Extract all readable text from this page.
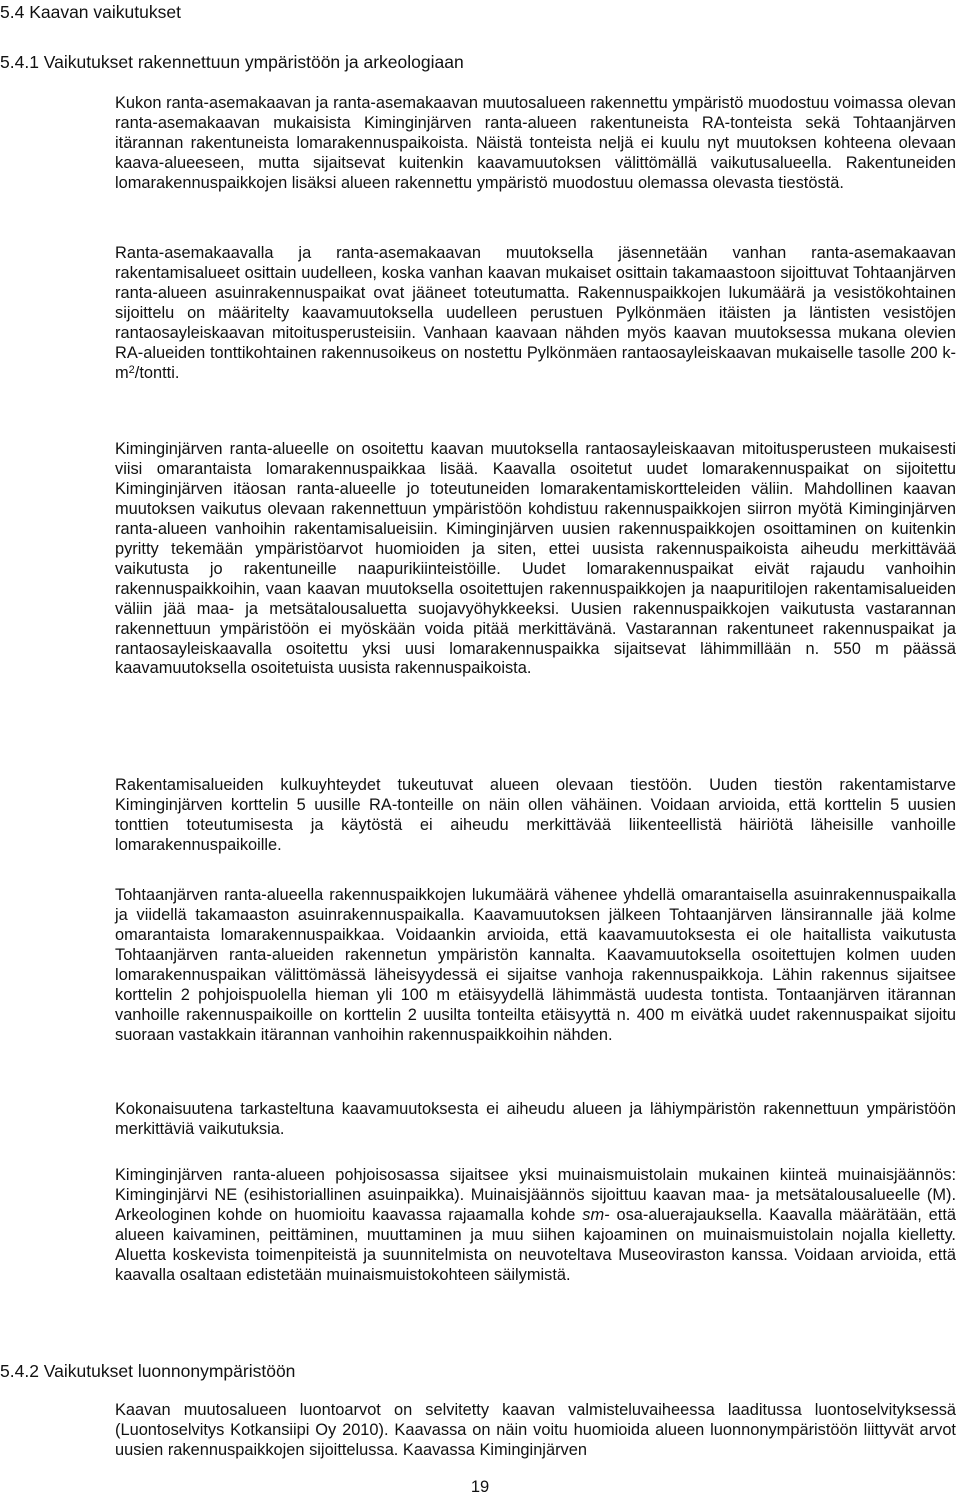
5.4 Kaavan vaikutukset
5.4.1 Vaikutukset rakennettuun ympäristöön ja arkeologiaan

Kukon ranta-asemakaavan ja ranta-asemakaavan muutosalueen rakennettu ympäristö muodostuu voimassa olevan ranta-asemakaavan mukaisista Kiminginjärven ranta-alueen rakentuneista RA-tonteista sekä Tohtaanjärven itärannan rakentuneista lomarakennuspaikoista. Näistä tonteista neljä ei kuulu nyt muutoksen kohteena olevaan kaava-alueeseen, mutta sijaitsevat kuitenkin kaavamuutoksen välittömällä vaikutusalueella. Rakentuneiden lomarakennuspaikkojen lisäksi alueen rakennettu ympäristö muodostuu olemassa olevasta tiestöstä.

Ranta-asemakaavalla ja ranta-asemakaavan muutoksella jäsennetään vanhan ranta-asemakaavan rakentamisalueet osittain uudelleen, koska vanhan kaavan mukaiset osittain takamaastoon sijoittuvat Tohtaanjärven ranta-alueen asuinrakennuspaikat ovat jääneet toteutumatta. Rakennuspaikkojen lukumäärä ja vesistökohtainen sijoittelu on määritelty kaavamuutoksella uudelleen perustuen Pylkönmäen itäisten ja läntisten vesistöjen rantaosayleiskaavan mitoitusperusteisiin. Vanhaan kaavaan nähden myös kaavan muutoksessa mukana olevien RA-alueiden tonttikohtainen rakennusoikeus on nostettu Pylkönmäen rantaosayleiskaavan mukaiselle tasolle 200 $k-m^2$/tontti.

Kiminginjärven ranta-alueelle on osoitettu kaavan muutoksella rantaosayleiskaavan mitoitusperusteen mukaisesti viisi omarantaista lomarakennuspaikkaa lisää. Kaavalla osoitetut uudet lomarakennuspaikat on sijoitettu Kiminginjärven itäosan ranta-alueelle jo toteutuneiden lomarakentamiskortteleiden väliin. Mahdollinen kaavan muutoksen vaikutus olevaan rakennettuun ympäristöön kohdistuu rakennuspaikkojen siirron myötä Kiminginjärven ranta-alueen vanhoihin rakentamisalueisiin. Kiminginjärven uusien rakennuspaikkojen osoittaminen on kuitenkin pyritty tekemään ympäristöarvot huomioiden ja siten, ettei uusista rakennuspaikoista aiheudu merkittävää vaikutusta jo rakentuneille naapurikiinteistöille. Uudet lomarakennuspaikat eivät rajaudu vanhoihin rakennuspaikkoihin, vaan kaavan muutoksella osoitettujen rakennuspaikkojen ja naapuritilojen rakentamisalueiden väliin jää maa- ja metsätalousaluetta suojavyöhykkeeksi. Uusien rakennuspaikkojen vaikutusta vastarannan rakennettuun ympäristöön ei myöskään voida pitää merkittävänä. Vastarannan rakentuneet rakennuspaikat ja rantaosayleiskaavalla osoitettu yksi uusi lomarakennuspaikka sijaitsevat lähimmillään n. 550 m päässä kaavamuutoksella osoitetuista uusista rakennuspaikoista.

Rakentamisalueiden kulkuyhteydet tukeutuvat alueen olevaan tiestöön. Uuden tiestön rakentamistarve Kiminginjärven korttelin 5 uusille RA-tonteille on näin ollen vähäinen. Voidaan arvioida, että korttelin 5 uusien tonttien toteutumisesta ja käytöstä ei aiheudu merkittävää liikenteellistä häiriötä läheisille vanhoille lomarakennuspaikoille.

Tohtaanjärven ranta-alueella rakennuspaikkojen lukumäärä vähenee yhdellä omarantaisella asuinrakennuspaikalla ja viidellä takamaaston asuinrakennuspaikalla. Kaavamuutoksen jälkeen Tohtaanjärven länsirannalle jää kolme omarantaista lomarakennuspaikkaa. Voidaankin arvioida, että kaavamuutoksesta ei ole haitallista vaikutusta Tohtaanjärven ranta-alueiden rakennetun ympäristön kannalta. Kaavamuutoksella osoitettujen kolmen uuden lomarakennuspaikan välittömässä läheisyydessä ei sijaitse vanhoja rakennuspaikkoja. Lähin rakennus sijaitsee korttelin 2 pohjoispuolella hieman yli 100 m etäisyydellä lähimmästä uudesta tontista. Tontaanjärven itärannan vanhoille rakennuspaikoille on korttelin 2 uusilta tonteilta etäisyyttä n. 400 m eivätkä uudet rakennuspaikat sijoitu suoraan vastakkain itärannan vanhoihin rakennuspaikkoihin nähden.

Kokonaisuutena tarkasteltuna kaavamuutoksesta ei aiheudu alueen ja lähiympäristön rakennettuun ympäristöön merkittäviä vaikutuksia.

Kiminginjärven ranta-alueen pohjoisosassa sijaitsee yksi muinaismuistolain mukainen kiinteä muinaisjäännös: Kiminginjärvi NE (esihistoriallinen asuinpaikka). Muinaisjäännös sijoittuu kaavan maa- ja metsätalousalueelle (M). Arkeologinen kohde on huomioitu kaavassa rajaamalla kohde sm- osa-aluerajauksella. Kaavalla määrätään, että alueen kaivaminen, peittäminen, muuttaminen ja muu siihen kajoaminen on muinaismuistolain nojalla kielletty. Aluetta koskevista toimenpiteistä ja suunnitelmista on neuvoteltava Museoviraston kanssa. Voidaan arvioida, että kaavalla osaltaan edistetään muinaismuistokohteen säilymistä.

5.4.2 Vaikutukset luonnonympäristöön

Kaavan muutosalueen luontoarvot on selvitetty kaavan valmisteluvaiheessa laaditussa luontoselvityksessä (Luontoselvitys Kotkansiipi Oy 2010). Kaavassa on näin voitu huomioida alueen luonnonympäristöön liittyvät arvot uusien rakennuspaikkojen sijoittelussa. Kaavassa Kiminginjärven

19
